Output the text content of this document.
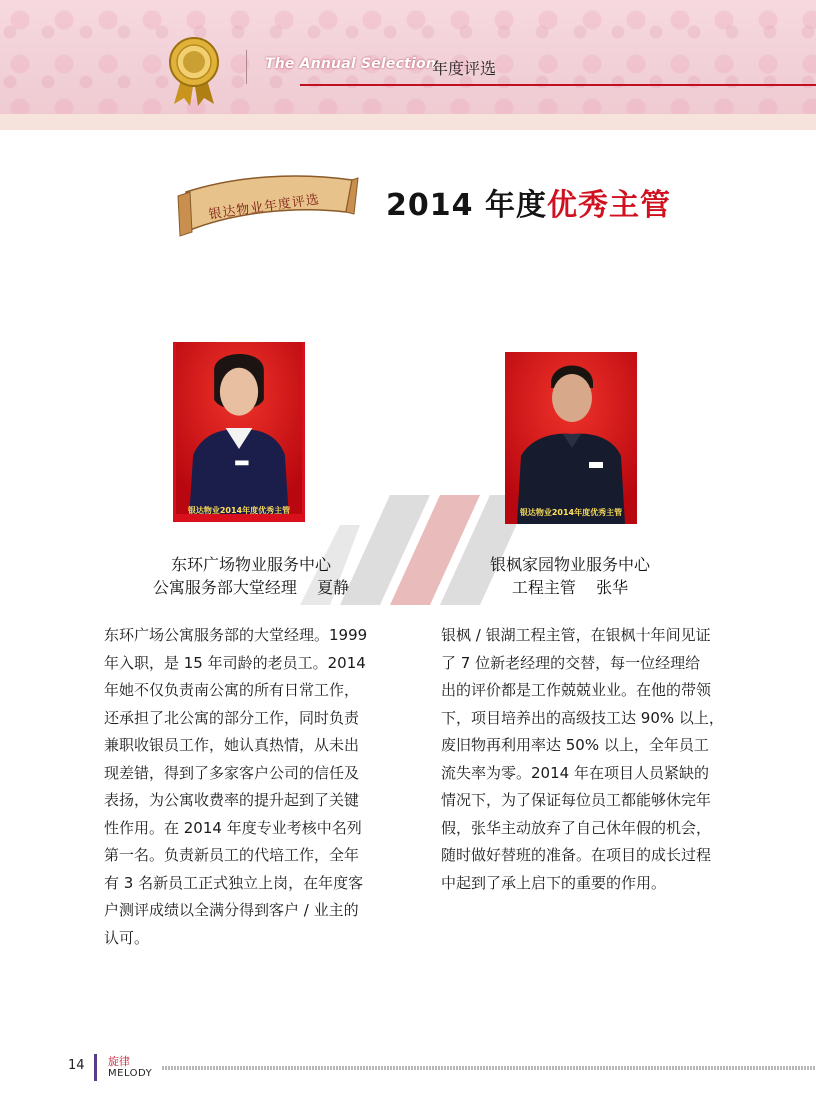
The Annual Selection
年度评选
银达物业年度评选 2014 年度优秀主管
银达物业2014年度优秀主管	银达物业2014年度优秀主管
东环广场物业服务中心
公寓服务部大堂经理    夏静
银枫家园物业服务中心
工程主管    张华
东环广场公寓服务部的大堂经理。1999
年入职，是 15 年司龄的老员工。2014
年她不仅负责南公寓的所有日常工作，
还承担了北公寓的部分工作，同时负责
兼职收银员工作，她认真热情，从未出
现差错，得到了多家客户公司的信任及
表扬，为公寓收费率的提升起到了关键
性作用。在 2014 年度专业考核中名列
第一名。负责新员工的代培工作，全年
有 3 名新员工正式独立上岗，在年度客
户测评成绩以全满分得到客户 / 业主的
认可。
银枫 / 银湖工程主管，在银枫十年间见证
了 7 位新老经理的交替，每一位经理给
出的评价都是工作兢兢业业。在他的带领
下，项目培养出的高级技工达 90% 以上，
废旧物再利用率达 50% 以上，全年员工
流失率为零。2014 年在项目人员紧缺的
情况下，为了保证每位员工都能够休完年
假，张华主动放弃了自己休年假的机会，
随时做好替班的准备。在项目的成长过程
中起到了承上启下的重要的作用。
14 旋律
MELODY
